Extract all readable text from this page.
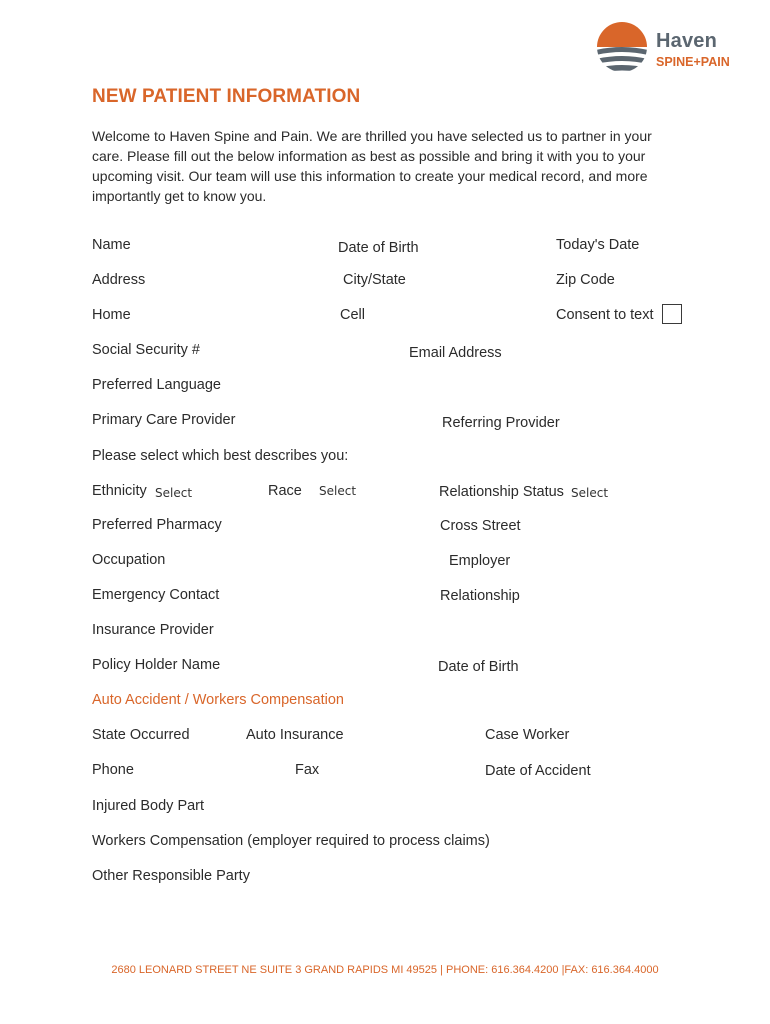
Haven
SPINE+PAIN
NEW PATIENT INFORMATION

Welcome to Haven Spine and Pain. We are thrilled you have selected us to partner in your care. Please fill out the below information as best as possible and bring it with you to your upcoming visit. Our team will use this information to create your medical record, and more importantly get to know you.

Name	Date of Birth	Today's Date
Address	City/State	Zip Code
Home	Cell	Consent to text
Social Security #	Email Address
Preferred Language
Primary Care Provider	Referring Provider
Please select which best describes you:
Ethnicity Select	Race Select	Relationship Status Select
Preferred Pharmacy	Cross Street
Occupation	Employer
Emergency Contact	Relationship
Insurance Provider
Policy Holder Name	Date of Birth
Auto Accident / Workers Compensation
State Occurred	Auto Insurance	Case Worker
Phone	Fax	Date of Accident
Injured Body Part
Workers Compensation (employer required to process claims)
Other Responsible Party
2680 LEONARD STREET NE SUITE 3 GRAND RAPIDS MI 49525 | PHONE: 616.364.4200 |FAX: 616.364.4000
